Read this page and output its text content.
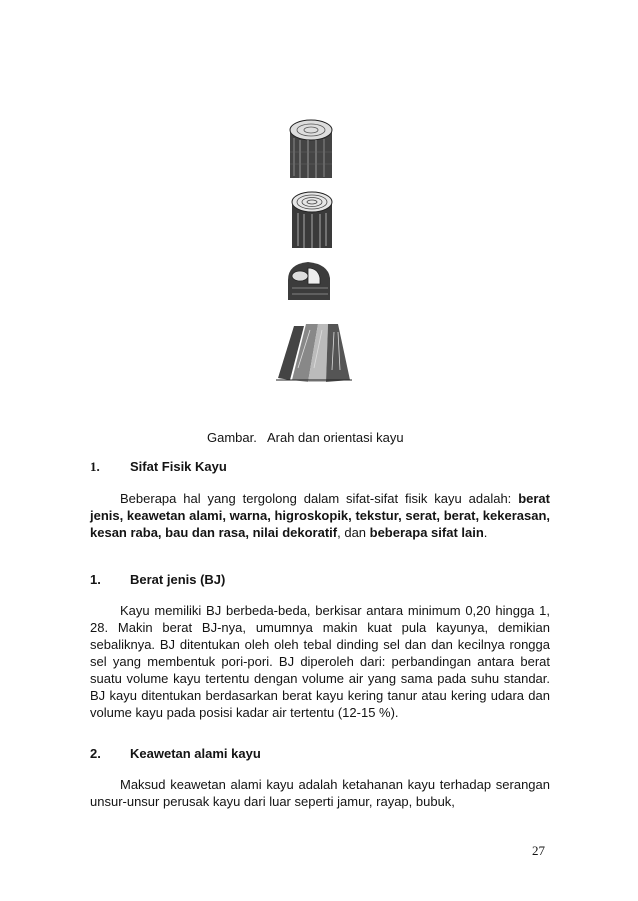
Gambar. Arah dan orientasi kayu
1. Sifat Fisik Kayu

Beberapa hal yang tergolong dalam sifat-sifat fisik kayu adalah: berat jenis, keawetan alami, warna, higroskopik, tekstur, serat, berat, kekerasan, kesan raba, bau dan rasa, nilai dekoratif, dan beberapa sifat lain.

1. Berat jenis (BJ)

Kayu memiliki BJ berbeda-beda, berkisar antara minimum 0,20 hingga 1, 28. Makin berat BJ-nya, umumnya makin kuat pula kayunya, demikian sebaliknya. BJ ditentukan oleh oleh tebal dinding sel dan dan kecilnya rongga sel yang membentuk pori-pori. BJ diperoleh dari: perbandingan antara berat suatu volume kayu tertentu dengan volume air yang sama pada suhu standar. BJ kayu ditentukan berdasarkan berat kayu kering tanur atau kering udara dan volume kayu pada posisi kadar air tertentu (12-15 %).

2. Keawetan alami kayu

Maksud keawetan alami kayu adalah ketahanan kayu terhadap serangan unsur-unsur perusak kayu dari luar seperti jamur, rayap, bubuk,

27
